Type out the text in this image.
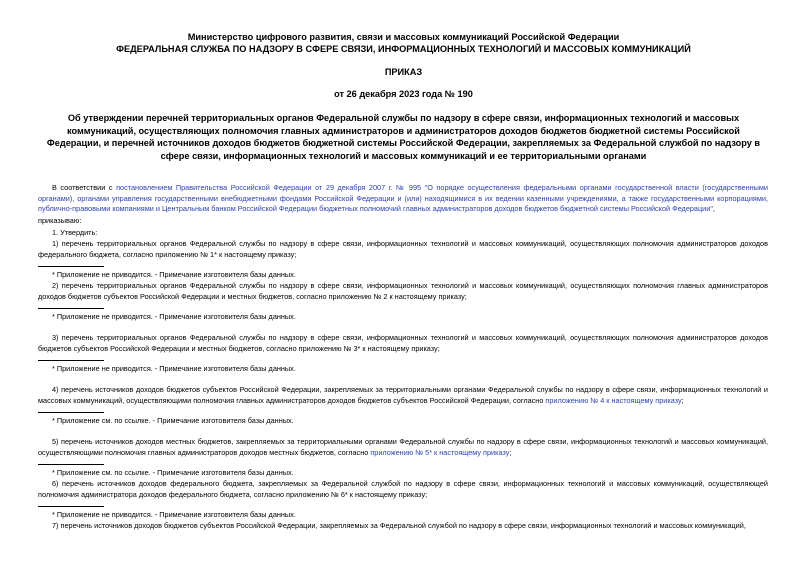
Министерство цифрового развития, связи и массовых коммуникаций Российской Федерации
ФЕДЕРАЛЬНАЯ СЛУЖБА ПО НАДЗОРУ В СФЕРЕ СВЯЗИ, ИНФОРМАЦИОННЫХ ТЕХНОЛОГИЙ И МАССОВЫХ КОММУНИКАЦИЙ
ПРИКАЗ
от 26 декабря 2023 года № 190
Об утверждении перечней территориальных органов Федеральной службы по надзору в сфере связи, информационных технологий и массовых коммуникаций, осуществляющих полномочия главных администраторов и администраторов доходов бюджетов бюджетной системы Российской Федерации, и перечней источников доходов бюджетов бюджетной системы Российской Федерации, закрепляемых за Федеральной службой по надзору в сфере связи, информационных технологий и массовых коммуникаций и ее территориальными органами
В соответствии с постановлением Правительства Российской Федерации от 29 декабря 2007 г. № 995 "О порядке осуществления федеральными органами государственной власти (государственными органами), органами управления государственными внебюджетными фондами Российской Федерации и (или) находящимися в их ведении казенными учреждениями, а также государственными корпорациями, публично-правовыми компаниями и Центральным банком Российской Федерации бюджетных полномочий главных администраторов доходов бюджетов бюджетной системы Российской Федерации",
приказываю:
1. Утвердить:
1) перечень территориальных органов Федеральной службы по надзору в сфере связи, информационных технологий и массовых коммуникаций, осуществляющих полномочия администраторов доходов федерального бюджета, согласно приложению № 1* к настоящему приказу;
* Приложение не приводится. - Примечание изготовителя базы данных.
2) перечень территориальных органов Федеральной службы по надзору в сфере связи, информационных технологий и массовых коммуникаций, осуществляющих полномочия главных администраторов доходов бюджетов субъектов Российской Федерации и местных бюджетов, согласно приложению № 2 к настоящему приказу;
* Приложение не приводится. - Примечание изготовителя базы данных.
3) перечень территориальных органов Федеральной службы по надзору в сфере связи, информационных технологий и массовых коммуникаций, осуществляющих полномочия администраторов доходов бюджетов субъектов Российской Федерации и местных бюджетов, согласно приложению № 3* к настоящему приказу;
* Приложение не приводится. - Примечание изготовителя базы данных.
4) перечень источников доходов бюджетов субъектов Российской Федерации, закрепляемых за территориальными органами Федеральной службы по надзору в сфере связи, информационных технологий и массовых коммуникаций, осуществляющими полномочия главных администраторов доходов бюджетов субъектов Российской Федерации, согласно приложению № 4 к настоящему приказу;
* Приложение см. по ссылке. - Примечание изготовителя базы данных.
5) перечень источников доходов местных бюджетов, закрепляемых за территориальными органами Федеральной службы по надзору в сфере связи, информационных технологий и массовых коммуникаций, осуществляющими полномочия главных администраторов доходов местных бюджетов, согласно приложению № 5* к настоящему приказу;
* Приложение см. по ссылке. - Примечание изготовителя базы данных.
6) перечень источников доходов федерального бюджета, закрепляемых за Федеральной службой по надзору в сфере связи, информационных технологий и массовых коммуникаций, осуществляющей полномочия администратора доходов федерального бюджета, согласно приложению № 6* к настоящему приказу;
* Приложение не приводится. - Примечание изготовителя базы данных.
7) перечень источников доходов бюджетов субъектов Российской Федерации, закрепляемых за Федеральной службой по надзору в сфере связи, информационных технологий и массовых коммуникаций,
